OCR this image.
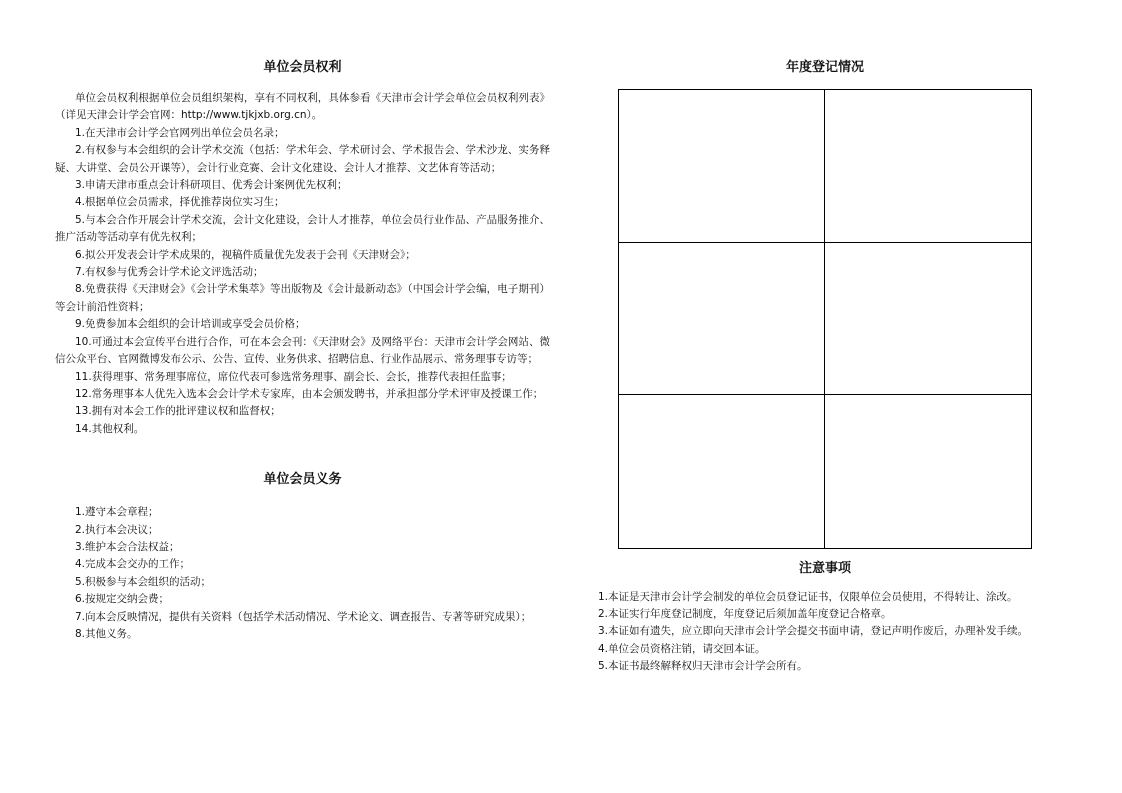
单位会员权利

单位会员权利根据单位会员组织架构，享有不同权利，具体参看《天津市会计学会单位会员权利列表》（详见天津会计学会官网：http://www.tjkjxb.org.cn）。

1.在天津市会计学会官网列出单位会员名录；

2.有权参与本会组织的会计学术交流（包括：学术年会、学术研讨会、学术报告会、学术沙龙、实务释疑、大讲堂、会员公开课等），会计行业竞赛、会计文化建设、会计人才推荐、文艺体育等活动；

3.申请天津市重点会计科研项目、优秀会计案例优先权利；

4.根据单位会员需求，择优推荐岗位实习生；

5.与本会合作开展会计学术交流，会计文化建设，会计人才推荐，单位会员行业作品、产品服务推介、推广活动等活动享有优先权利；

6.拟公开发表会计学术成果的，视稿件质量优先发表于会刊《天津财会》；

7.有权参与优秀会计学术论文评选活动；

8.免费获得《天津财会》《会计学术集萃》等出版物及《会计最新动态》（中国会计学会编，电子期刊）等会计前沿性资料；

9.免费参加本会组织的会计培训或享受会员价格；

10.可通过本会宣传平台进行合作，可在本会会刊：《天津财会》及网络平台：天津市会计学会网站、微信公众平台、官网微博发布公示、公告、宣传、业务供求、招聘信息、行业作品展示、常务理事专访等；

11.获得理事、常务理事席位，席位代表可参选常务理事、副会长、会长，推荐代表担任监事；

12.常务理事本人优先入选本会会计学术专家库，由本会颁发聘书，并承担部分学术评审及授课工作；

13.拥有对本会工作的批评建议权和监督权；

14.其他权利。

单位会员义务

1.遵守本会章程；

2.执行本会决议；

3.维护本会合法权益；

4.完成本会交办的工作；

5.积极参与本会组织的活动；

6.按规定交纳会费；

7.向本会反映情况，提供有关资料（包括学术活动情况、学术论文、调查报告、专著等研究成果）；

8.其他义务。

年度登记情况
注意事项

1.本证是天津市会计学会制发的单位会员登记证书，仅限单位会员使用，不得转让、涂改。

2.本证实行年度登记制度，年度登记后须加盖年度登记合格章。

3.本证如有遗失，应立即向天津市会计学会提交书面申请，登记声明作废后，办理补发手续。

4.单位会员资格注销，请交回本证。

5.本证书最终解释权归天津市会计学会所有。
